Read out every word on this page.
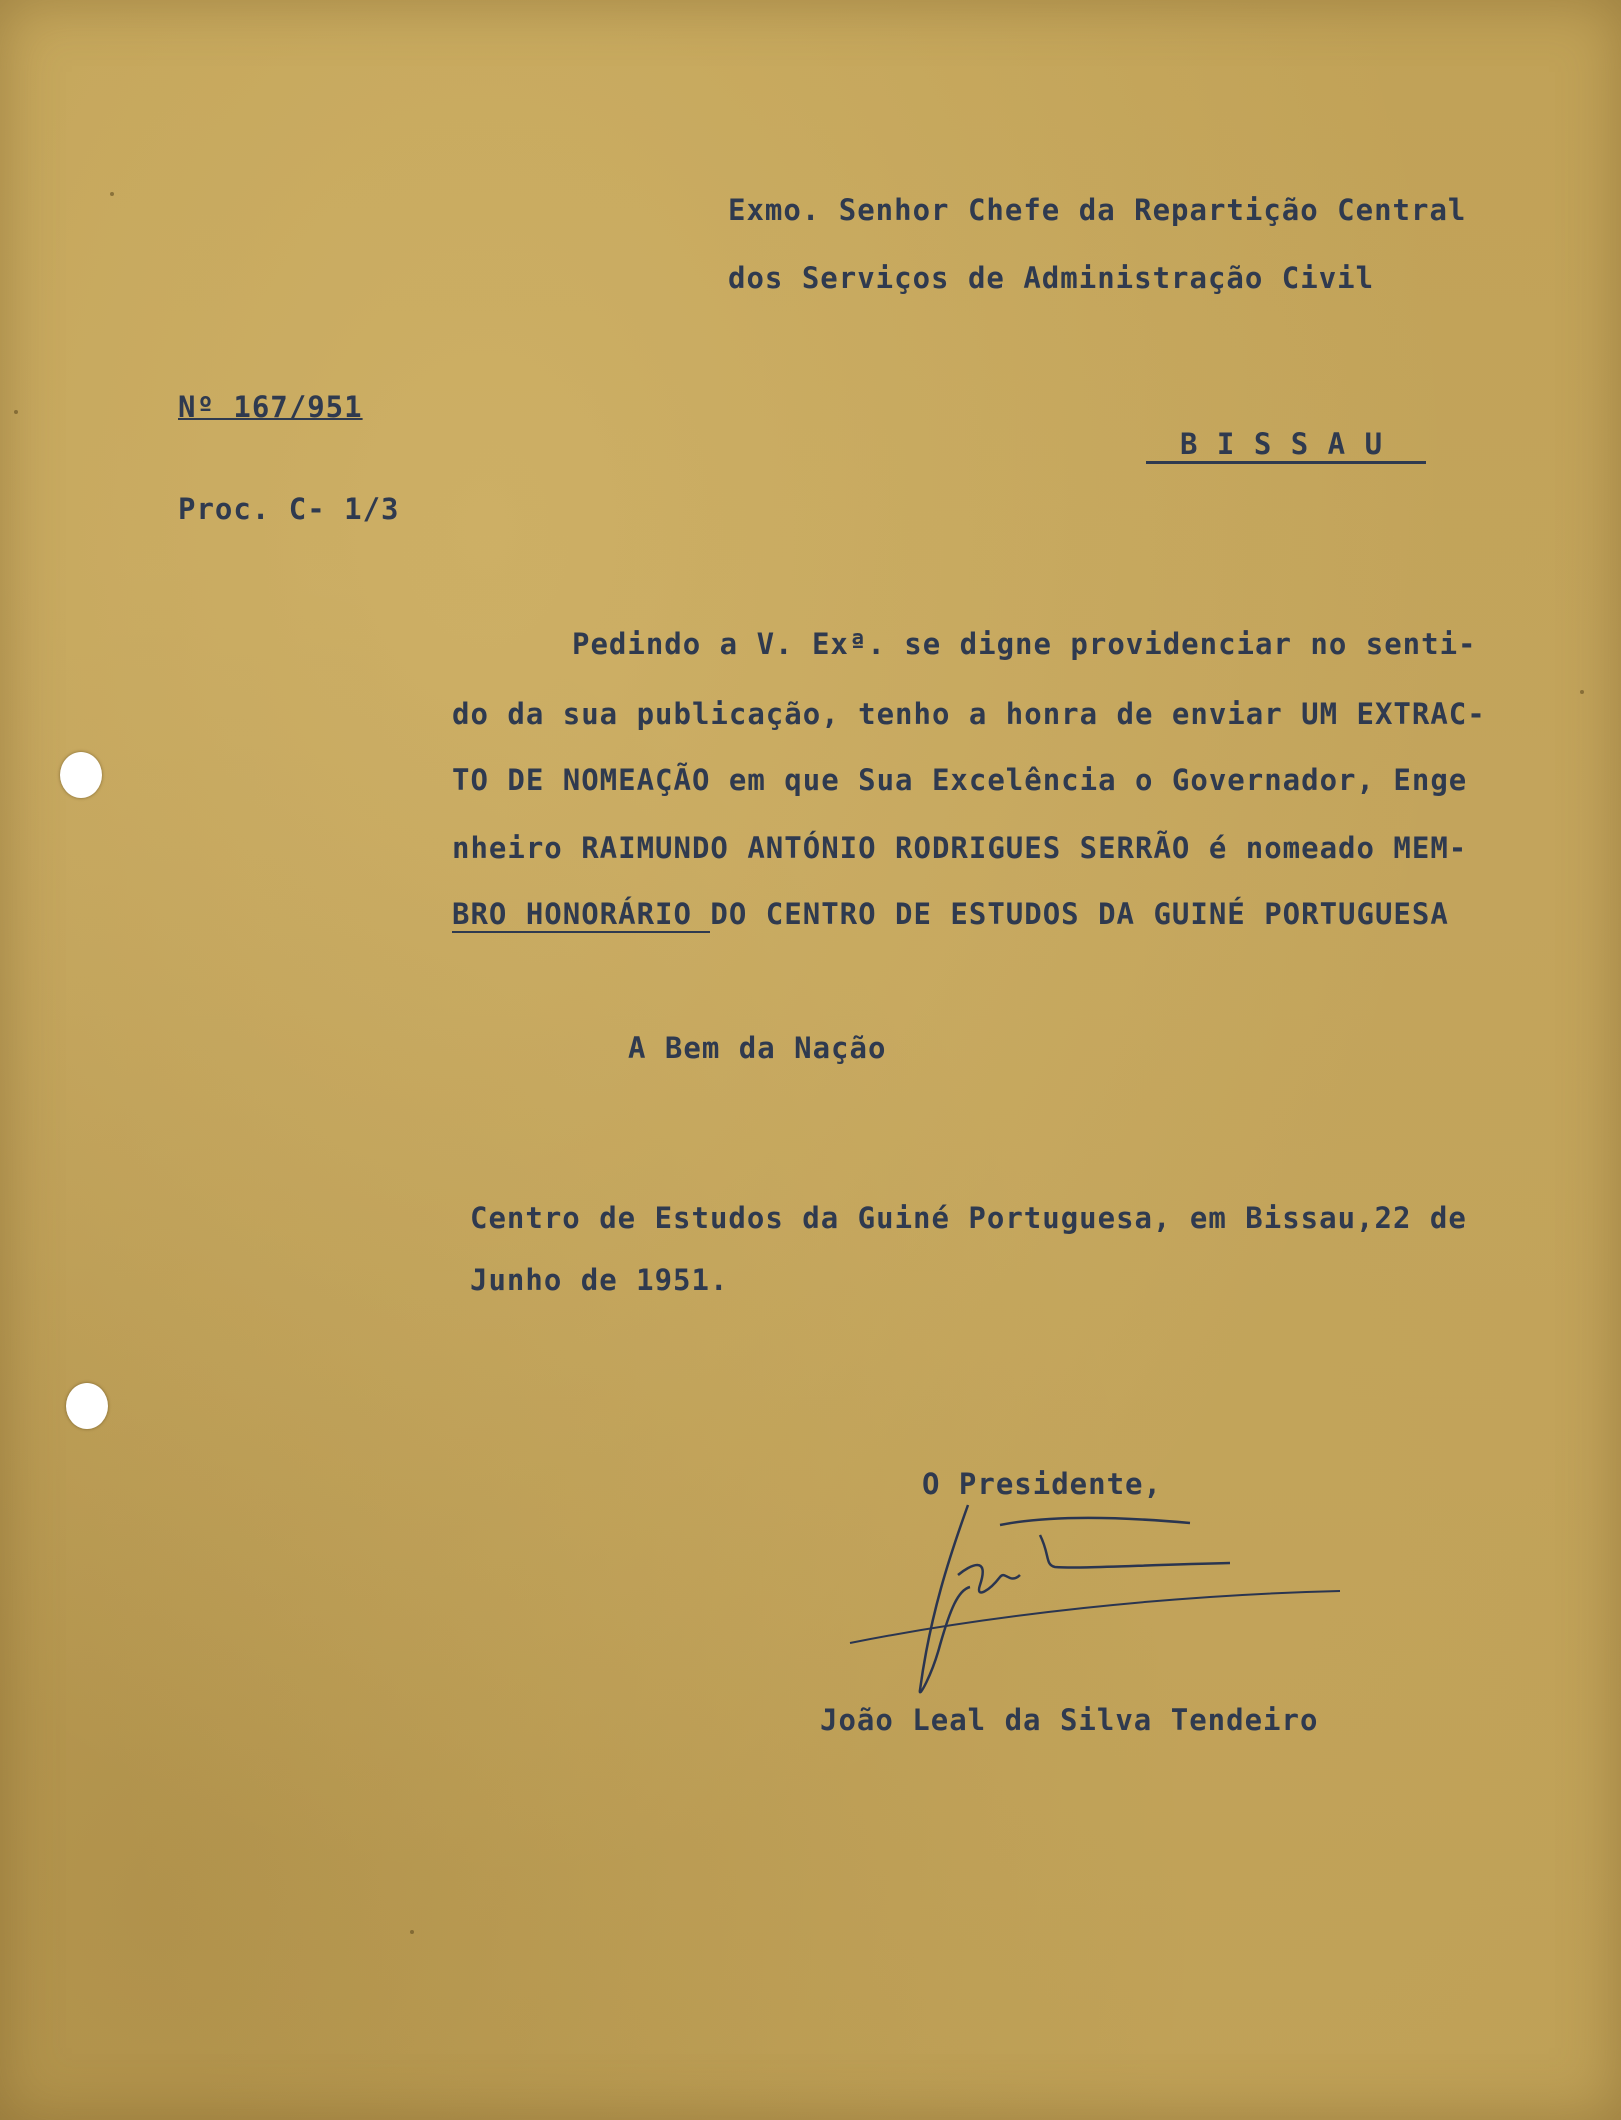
Exmo. Senhor Chefe da Repartição Central
dos Serviços de Administração Civil
Nº 167/951
B I S S A U
Proc. C- 1/3
Pedindo a V. Exª. se digne providenciar no senti-
do da sua publicação, tenho a honra de enviar UM EXTRAC-
TO DE NOMEAÇÃO em que Sua Excelência o Governador, Enge
nheiro RAIMUNDO ANTÓNIO RODRIGUES SERRÃO é nomeado MEM-
BRO HONORÁRIO DO CENTRO DE ESTUDOS DA GUINÉ PORTUGUESA
A Bem da Nação
Centro de Estudos da Guiné Portuguesa, em Bissau,22 de
Junho de 1951.
O Presidente,
João Leal da Silva Tendeiro
